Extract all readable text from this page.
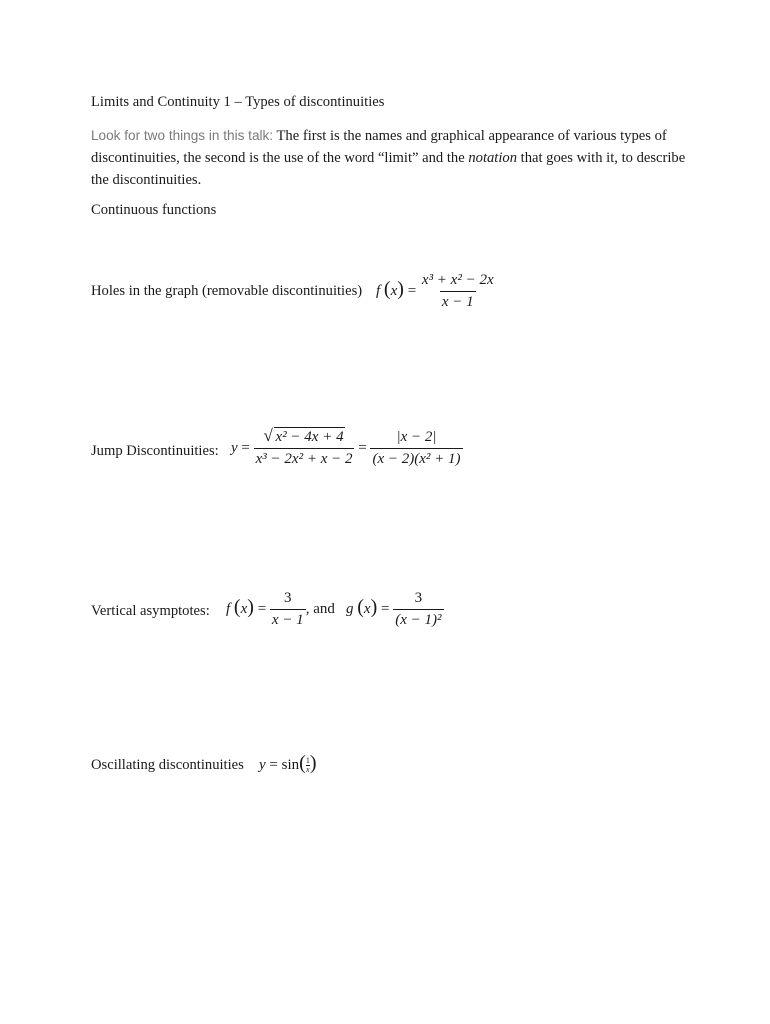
Limits and Continuity 1 – Types of discontinuities
Look for two things in this talk: The first is the names and graphical appearance of various types of discontinuities, the second is the use of the word “limit” and the notation that goes with it, to describe the discontinuities.
Continuous functions
Holes in the graph (removable discontinuities) f $(x) = \frac{\text{x³ + x² − 2x}}{x - 1}$
Jump Discontinuities: $y = \frac{\text{√ x² − 4x + 4}}{\text{x³ − 2x² + x − 2}} = \frac{|x - 2|}{\text{(x − 2)(x² + 1)}}$
Vertical asymptotes: f $(x) = \frac{3}{x - 1}$ , and g $(x) = \frac{3}{\text{(x − 1)²}}$
Oscillating discontinuities $y = \sin( \frac{1}{x}$ )
